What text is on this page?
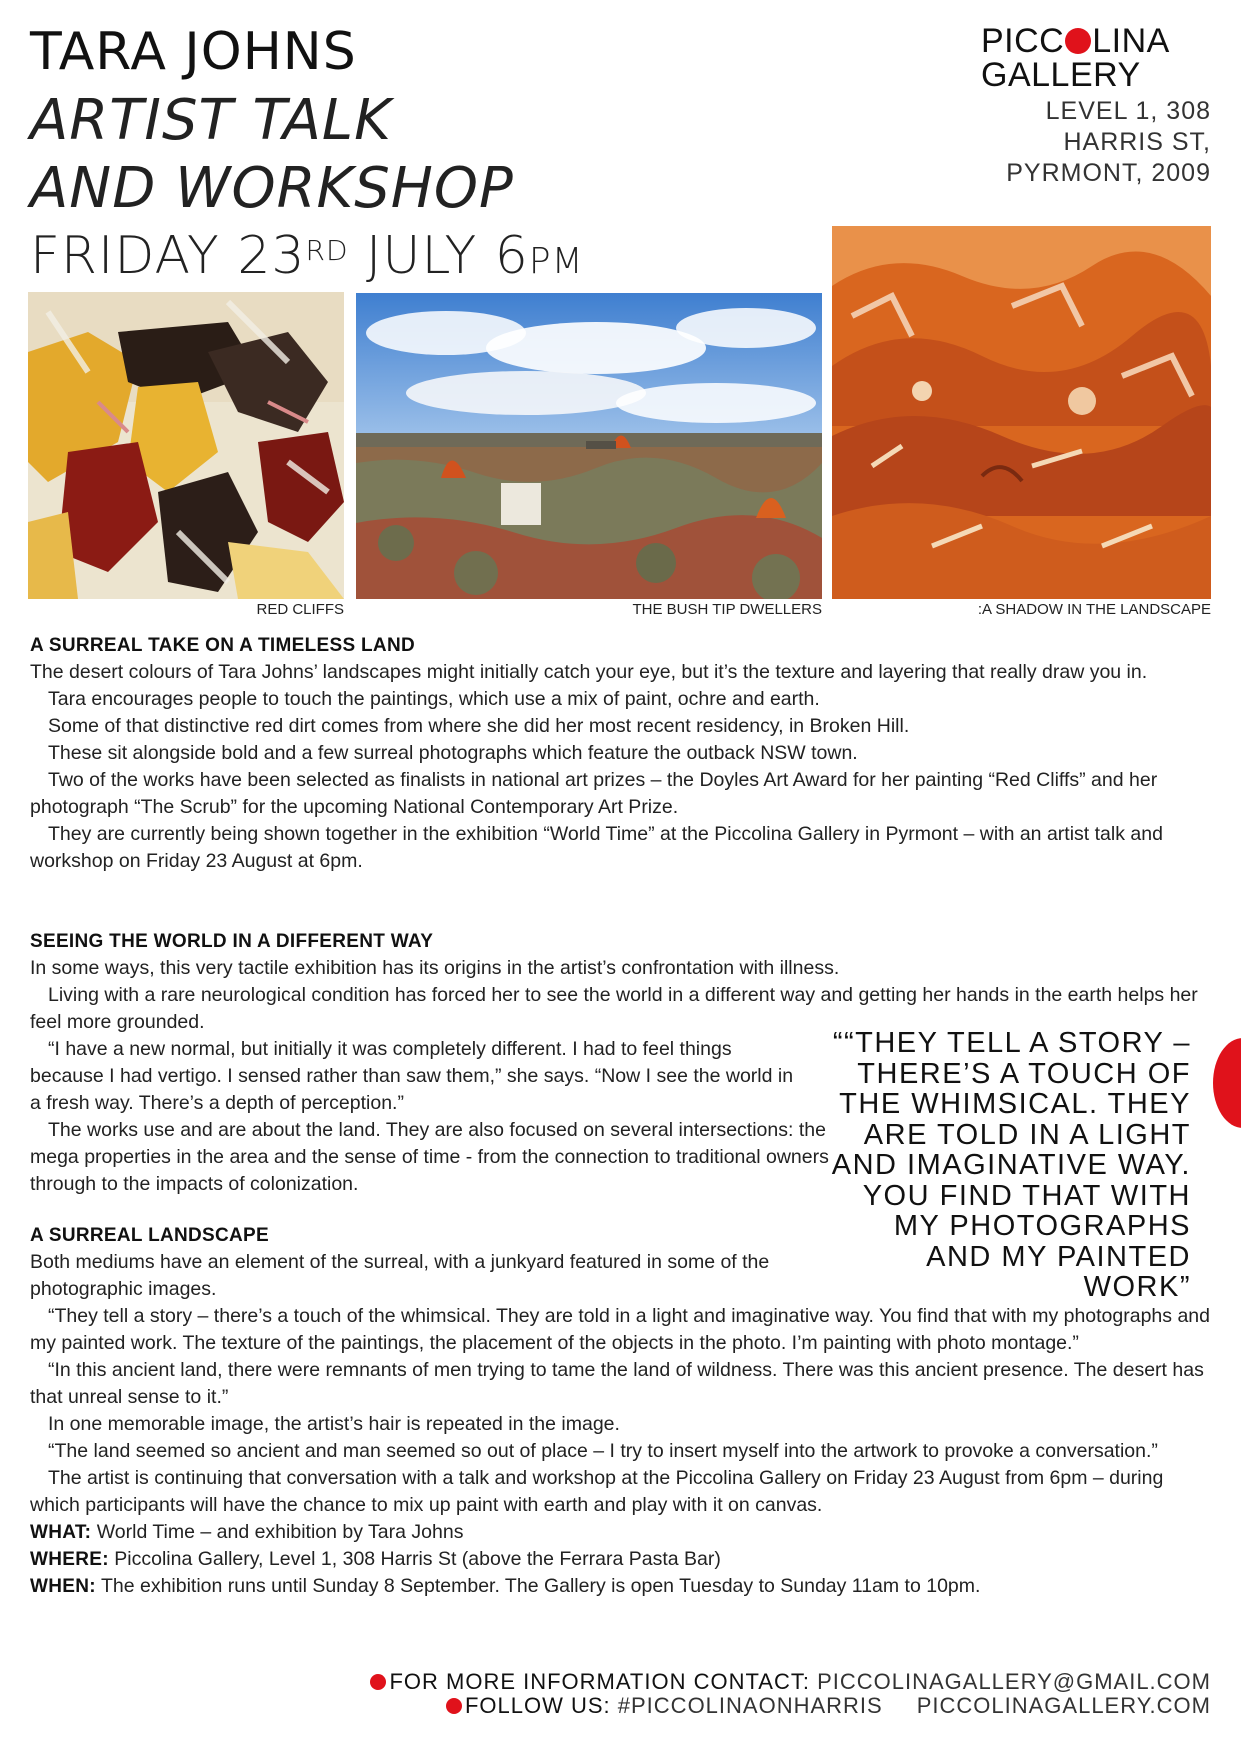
TARA JOHNS
ARTIST TALK
AND WORKSHOP
FRIDAY 23RD JULY 6PM
PICC LINA
GALLERY
LEVEL 1, 308
HARRIS ST,
PYRMONT, 2009
RED CLIFFS	THE BUSH TIP DWELLERS	:A SHADOW IN THE LANDSCAPE
A SURREAL TAKE ON A TIMELESS LAND
The desert colours of Tara Johns’ landscapes might initially catch your eye, but it’s the texture and layering that really draw you in.
Tara encourages people to touch the paintings, which use a mix of paint, ochre and earth.
Some of that distinctive red dirt comes from where she did her most recent residency, in Broken Hill.
These sit alongside bold and a few surreal photographs which feature the outback NSW town.
Two of the works have been selected as finalists in national art prizes – the Doyles Art Award for her painting “Red Cliffs” and her photograph “The Scrub” for the upcoming National Contemporary Art Prize.
They are currently being shown together in the exhibition “World Time” at the Piccolina Gallery in Pyrmont – with an artist talk and workshop on Friday 23 August at 6pm.
SEEING THE WORLD IN A DIFFERENT WAY
In some ways, this very tactile exhibition has its origins in the artist’s confrontation with illness.
Living with a rare neurological condition has forced her to see the world in a different way and getting her hands in the earth helps her feel more grounded.
“I have a new normal, but initially it was completely different. I had to feel things because I had vertigo. I sensed rather than saw them,” she says. “Now I see the world in a fresh way. There’s a depth of perception.”
The works use and are about the land. They are also focused on several intersections: the mega properties in the area and the sense of time - from the connection to traditional owners through to the impacts of colonization.
A SURREAL LANDSCAPE
Both mediums have an element of the surreal, with a junkyard featured in some of the photographic images.
“They tell a story – there’s a touch of the whimsical. They are told in a light and imaginative way. You find that with my photographs and my painted work. The texture of the paintings, the placement of the objects in the photo. I’m painting with photo montage.”
“In this ancient land, there were remnants of men trying to tame the land of wildness. There was this ancient presence. The desert has that unreal sense to it.”
In one memorable image, the artist’s hair is repeated in the image.
“The land seemed so ancient and man seemed so out of place – I try to insert myself into the artwork to provoke a conversation.”
The artist is continuing that conversation with a talk and workshop at the Piccolina Gallery on Friday 23 August from 6pm – during which participants will have the chance to mix up paint with earth and play with it on canvas.
WHAT: World Time – and exhibition by Tara Johns
WHERE: Piccolina Gallery, Level 1, 308 Harris St (above the Ferrara Pasta Bar)
WHEN: The exhibition runs until Sunday 8 September. The Gallery is open Tuesday to Sunday 11am to 10pm.
““THEY TELL A STORY – THERE’S A TOUCH OF THE WHIMSICAL. THEY ARE TOLD IN A LIGHT AND IMAGINATIVE WAY. YOU FIND THAT WITH MY PHOTOGRAPHS AND MY PAINTED WORK”
FOR MORE INFORMATION CONTACT: PICCOLINAGALLERY@GMAIL.COM
FOLLOW US: #PICCOLINAONHARRIS PICCOLINAGALLERY.COM
